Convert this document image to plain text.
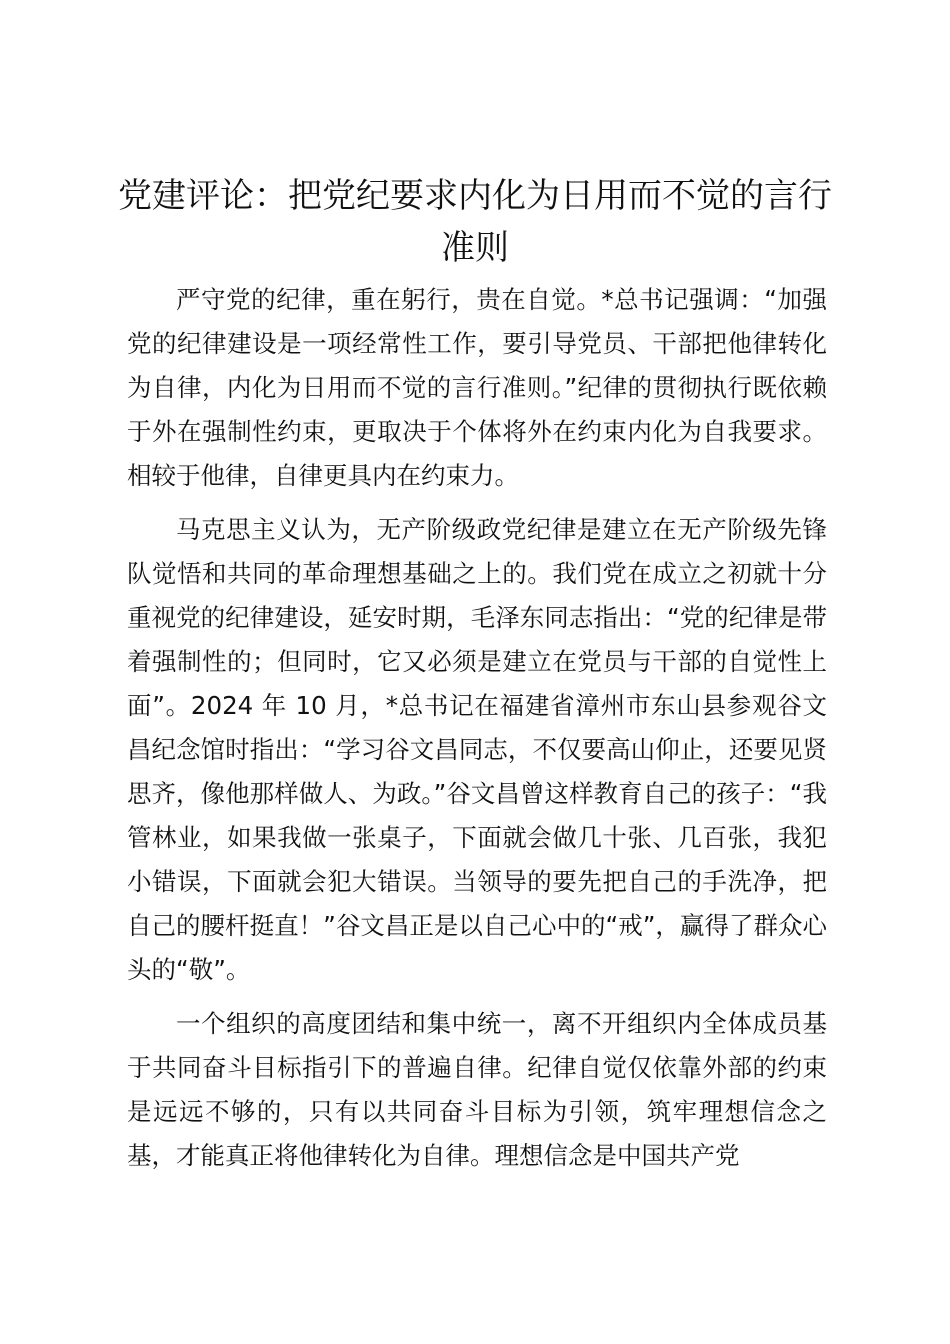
党建评论：把党纪要求内化为日用而不觉的言行准则

严守党的纪律，重在躬行，贵在自觉。*总书记强调：“加强党的纪律建设是一项经常性工作，要引导党员、干部把他律转化为自律，内化为日用而不觉的言行准则。”纪律的贯彻执行既依赖于外在强制性约束，更取决于个体将外在约束内化为自我要求。相较于他律，自律更具内在约束力。

马克思主义认为，无产阶级政党纪律是建立在无产阶级先锋队觉悟和共同的革命理想基础之上的。我们党在成立之初就十分重视党的纪律建设，延安时期，毛泽东同志指出：“党的纪律是带着强制性的；但同时，它又必须是建立在党员与干部的自觉性上面”。2024 年 10 月，*总书记在福建省漳州市东山县参观谷文昌纪念馆时指出：“学习谷文昌同志，不仅要高山仰止，还要见贤思齐，像他那样做人、为政。”谷文昌曾这样教育自己的孩子：“我管林业，如果我做一张桌子，下面就会做几十张、几百张，我犯小错误，下面就会犯大错误。当领导的要先把自己的手洗净，把自己的腰杆挺直！”谷文昌正是以自己心中的“戒”，赢得了群众心头的“敬”。

一个组织的高度团结和集中统一，离不开组织内全体成员基于共同奋斗目标指引下的普遍自律。纪律自觉仅依靠外部的约束是远远不够的，只有以共同奋斗目标为引领，筑牢理想信念之基，才能真正将他律转化为自律。理想信念是中国共产党
